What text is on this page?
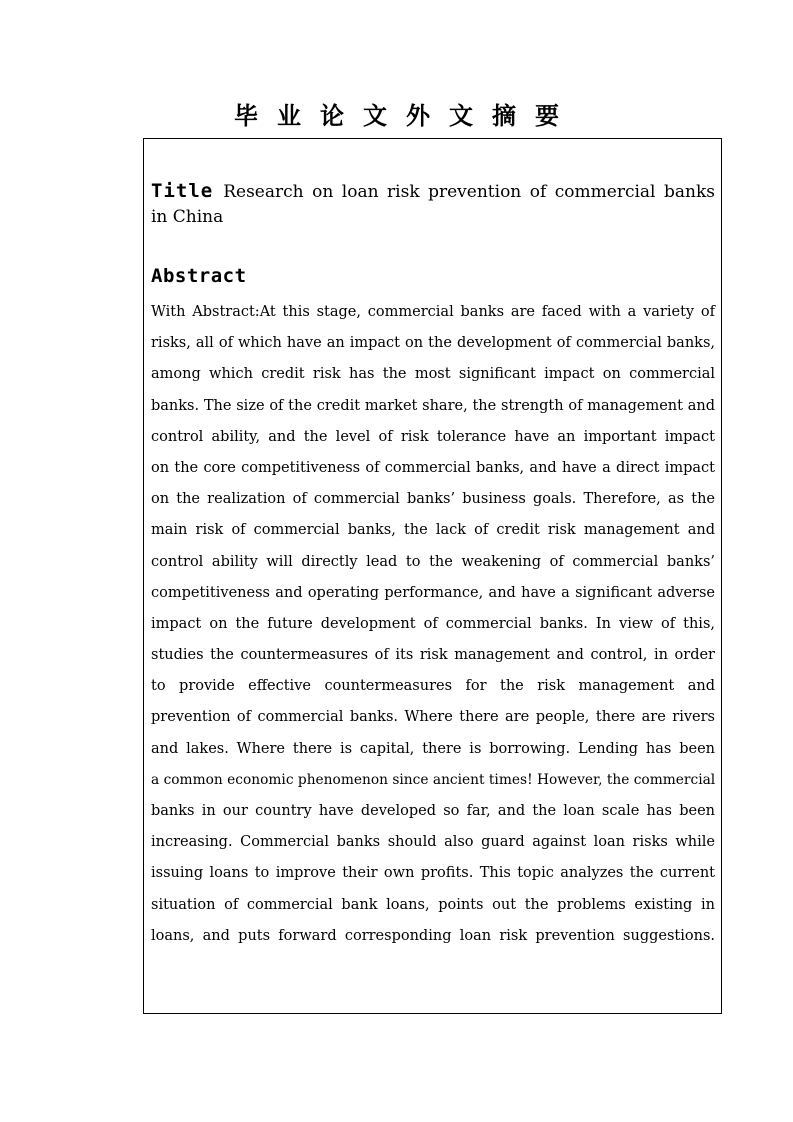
毕业论文外文摘要
Title Research on loan risk prevention of commercial banks in China
Abstract
With Abstract:At this stage, commercial banks are faced with a variety of
risks, all of which have an impact on the development of commercial banks,
among which credit risk has the most significant impact on commercial
banks. The size of the credit market share, the strength of management and
control ability, and the level of risk tolerance have an important impact
on the core competitiveness of commercial banks, and have a direct impact
on the realization of commercial banks’ business goals. Therefore, as the
main risk of commercial banks, the lack of credit risk management and
control ability will directly lead to the weakening of commercial banks’
competitiveness and operating performance, and have a significant adverse
impact on the future development of commercial banks. In view of this,
studies the countermeasures of its risk management and control, in order
to provide effective countermeasures for the risk management and
prevention of commercial banks. Where there are people, there are rivers
and lakes. Where there is capital, there is borrowing. Lending has been
a common economic phenomenon since ancient times! However, the commercial
banks in our country have developed so far, and the loan scale has been
increasing. Commercial banks should also guard against loan risks while
issuing loans to improve their own profits. This topic analyzes the current
situation of commercial bank loans, points out the problems existing in
loans, and puts forward corresponding loan risk prevention suggestions.
